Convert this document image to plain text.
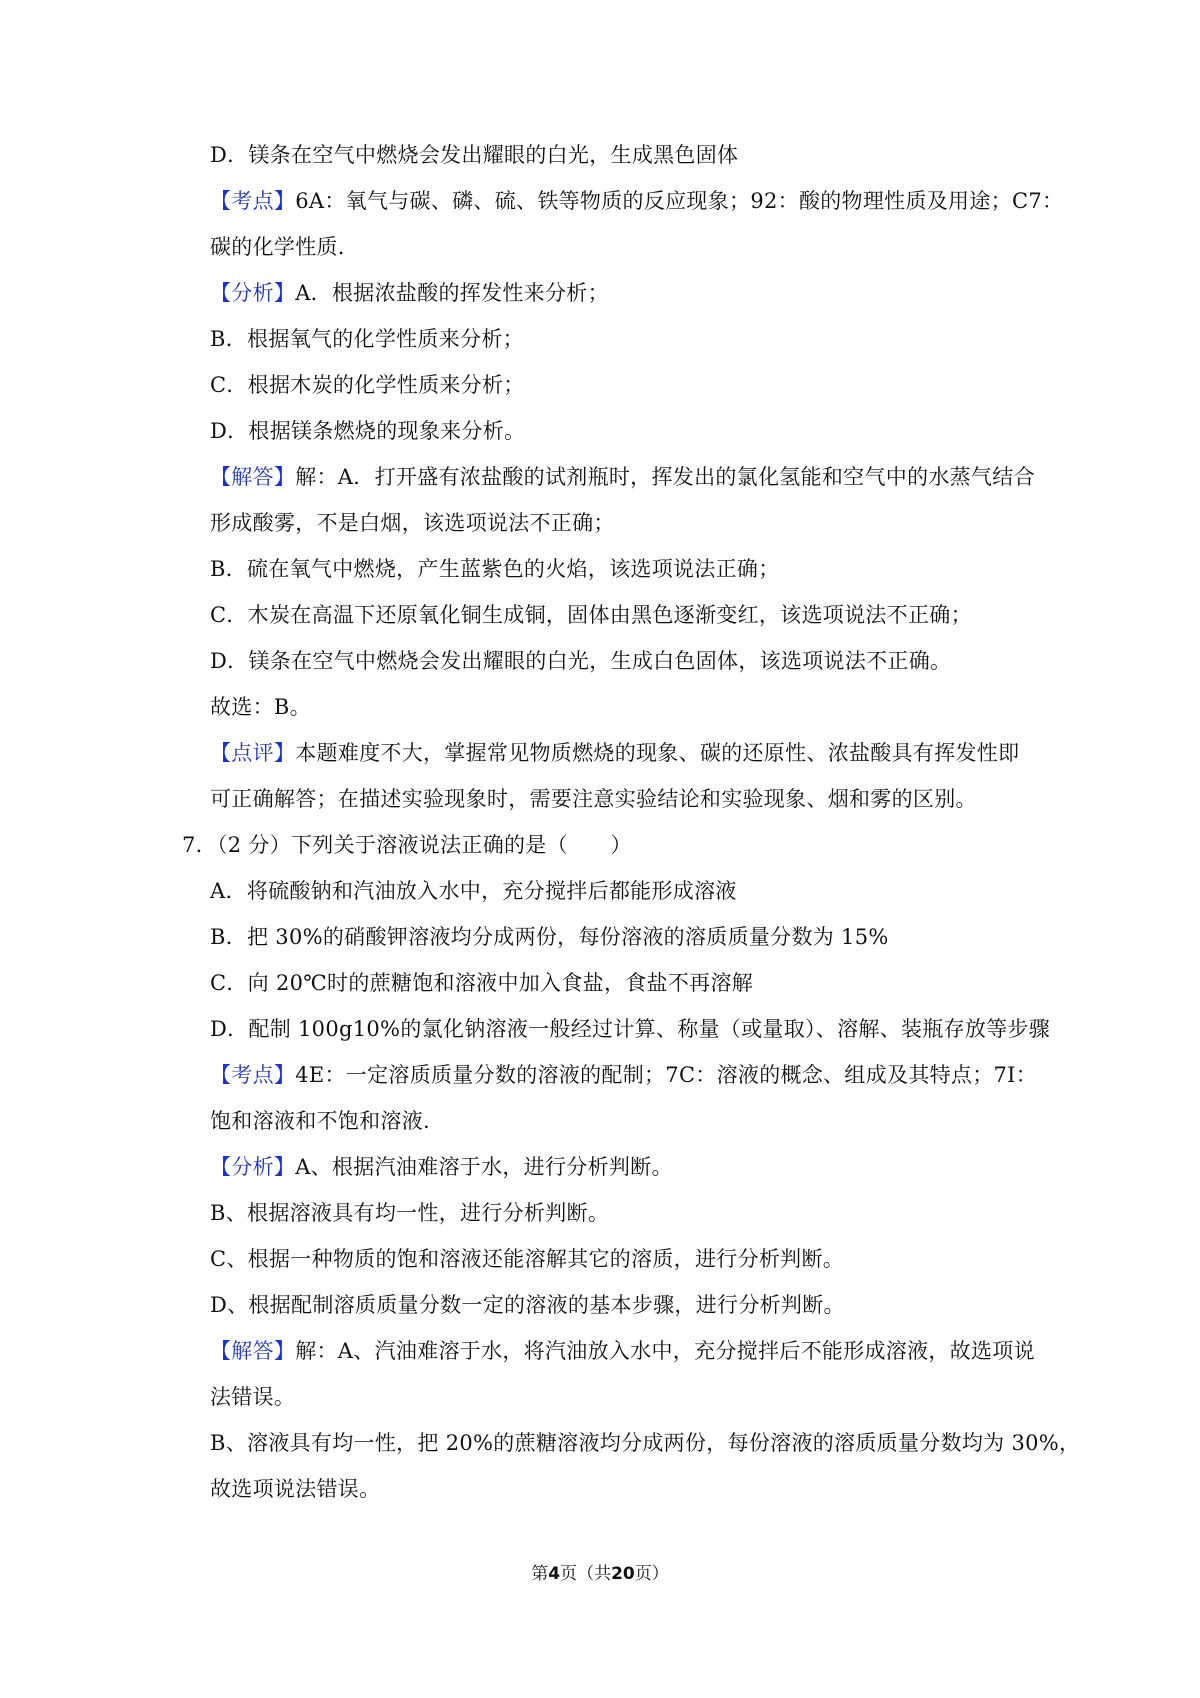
D．镁条在空气中燃烧会发出耀眼的白光，生成黑色固体
【考点】6A：氧气与碳、磷、硫、铁等物质的反应现象；92：酸的物理性质及用途；C7：
碳的化学性质.
【分析】A．根据浓盐酸的挥发性来分析；
B．根据氧气的化学性质来分析；
C．根据木炭的化学性质来分析；
D．根据镁条燃烧的现象来分析。
【解答】解：A．打开盛有浓盐酸的试剂瓶时，挥发出的氯化氢能和空气中的水蒸气结合
形成酸雾，不是白烟，该选项说法不正确；
B．硫在氧气中燃烧，产生蓝紫色的火焰，该选项说法正确；
C．木炭在高温下还原氧化铜生成铜，固体由黑色逐渐变红，该选项说法不正确；
D．镁条在空气中燃烧会发出耀眼的白光，生成白色固体，该选项说法不正确。
故选：B。
【点评】本题难度不大，掌握常见物质燃烧的现象、碳的还原性、浓盐酸具有挥发性即
可正确解答；在描述实验现象时，需要注意实验结论和实验现象、烟和雾的区别。
7．（2 分）下列关于溶液说法正确的是（　　）
A．将硫酸钠和汽油放入水中，充分搅拌后都能形成溶液
B．把 30%的硝酸钾溶液均分成两份，每份溶液的溶质质量分数为 15%
C．向 20℃时的蔗糖饱和溶液中加入食盐，食盐不再溶解
D．配制 100g10%的氯化钠溶液一般经过计算、称量（或量取）、溶解、装瓶存放等步骤
【考点】4E：一定溶质质量分数的溶液的配制；7C：溶液的概念、组成及其特点；7I：
饱和溶液和不饱和溶液.
【分析】A、根据汽油难溶于水，进行分析判断。
B、根据溶液具有均一性，进行分析判断。
C、根据一种物质的饱和溶液还能溶解其它的溶质，进行分析判断。
D、根据配制溶质质量分数一定的溶液的基本步骤，进行分析判断。
【解答】解：A、汽油难溶于水，将汽油放入水中，充分搅拌后不能形成溶液，故选项说
法错误。
B、溶液具有均一性，把 20%的蔗糖溶液均分成两份，每份溶液的溶质质量分数均为 30%，
故选项说法错误。
第4页（共20页）
